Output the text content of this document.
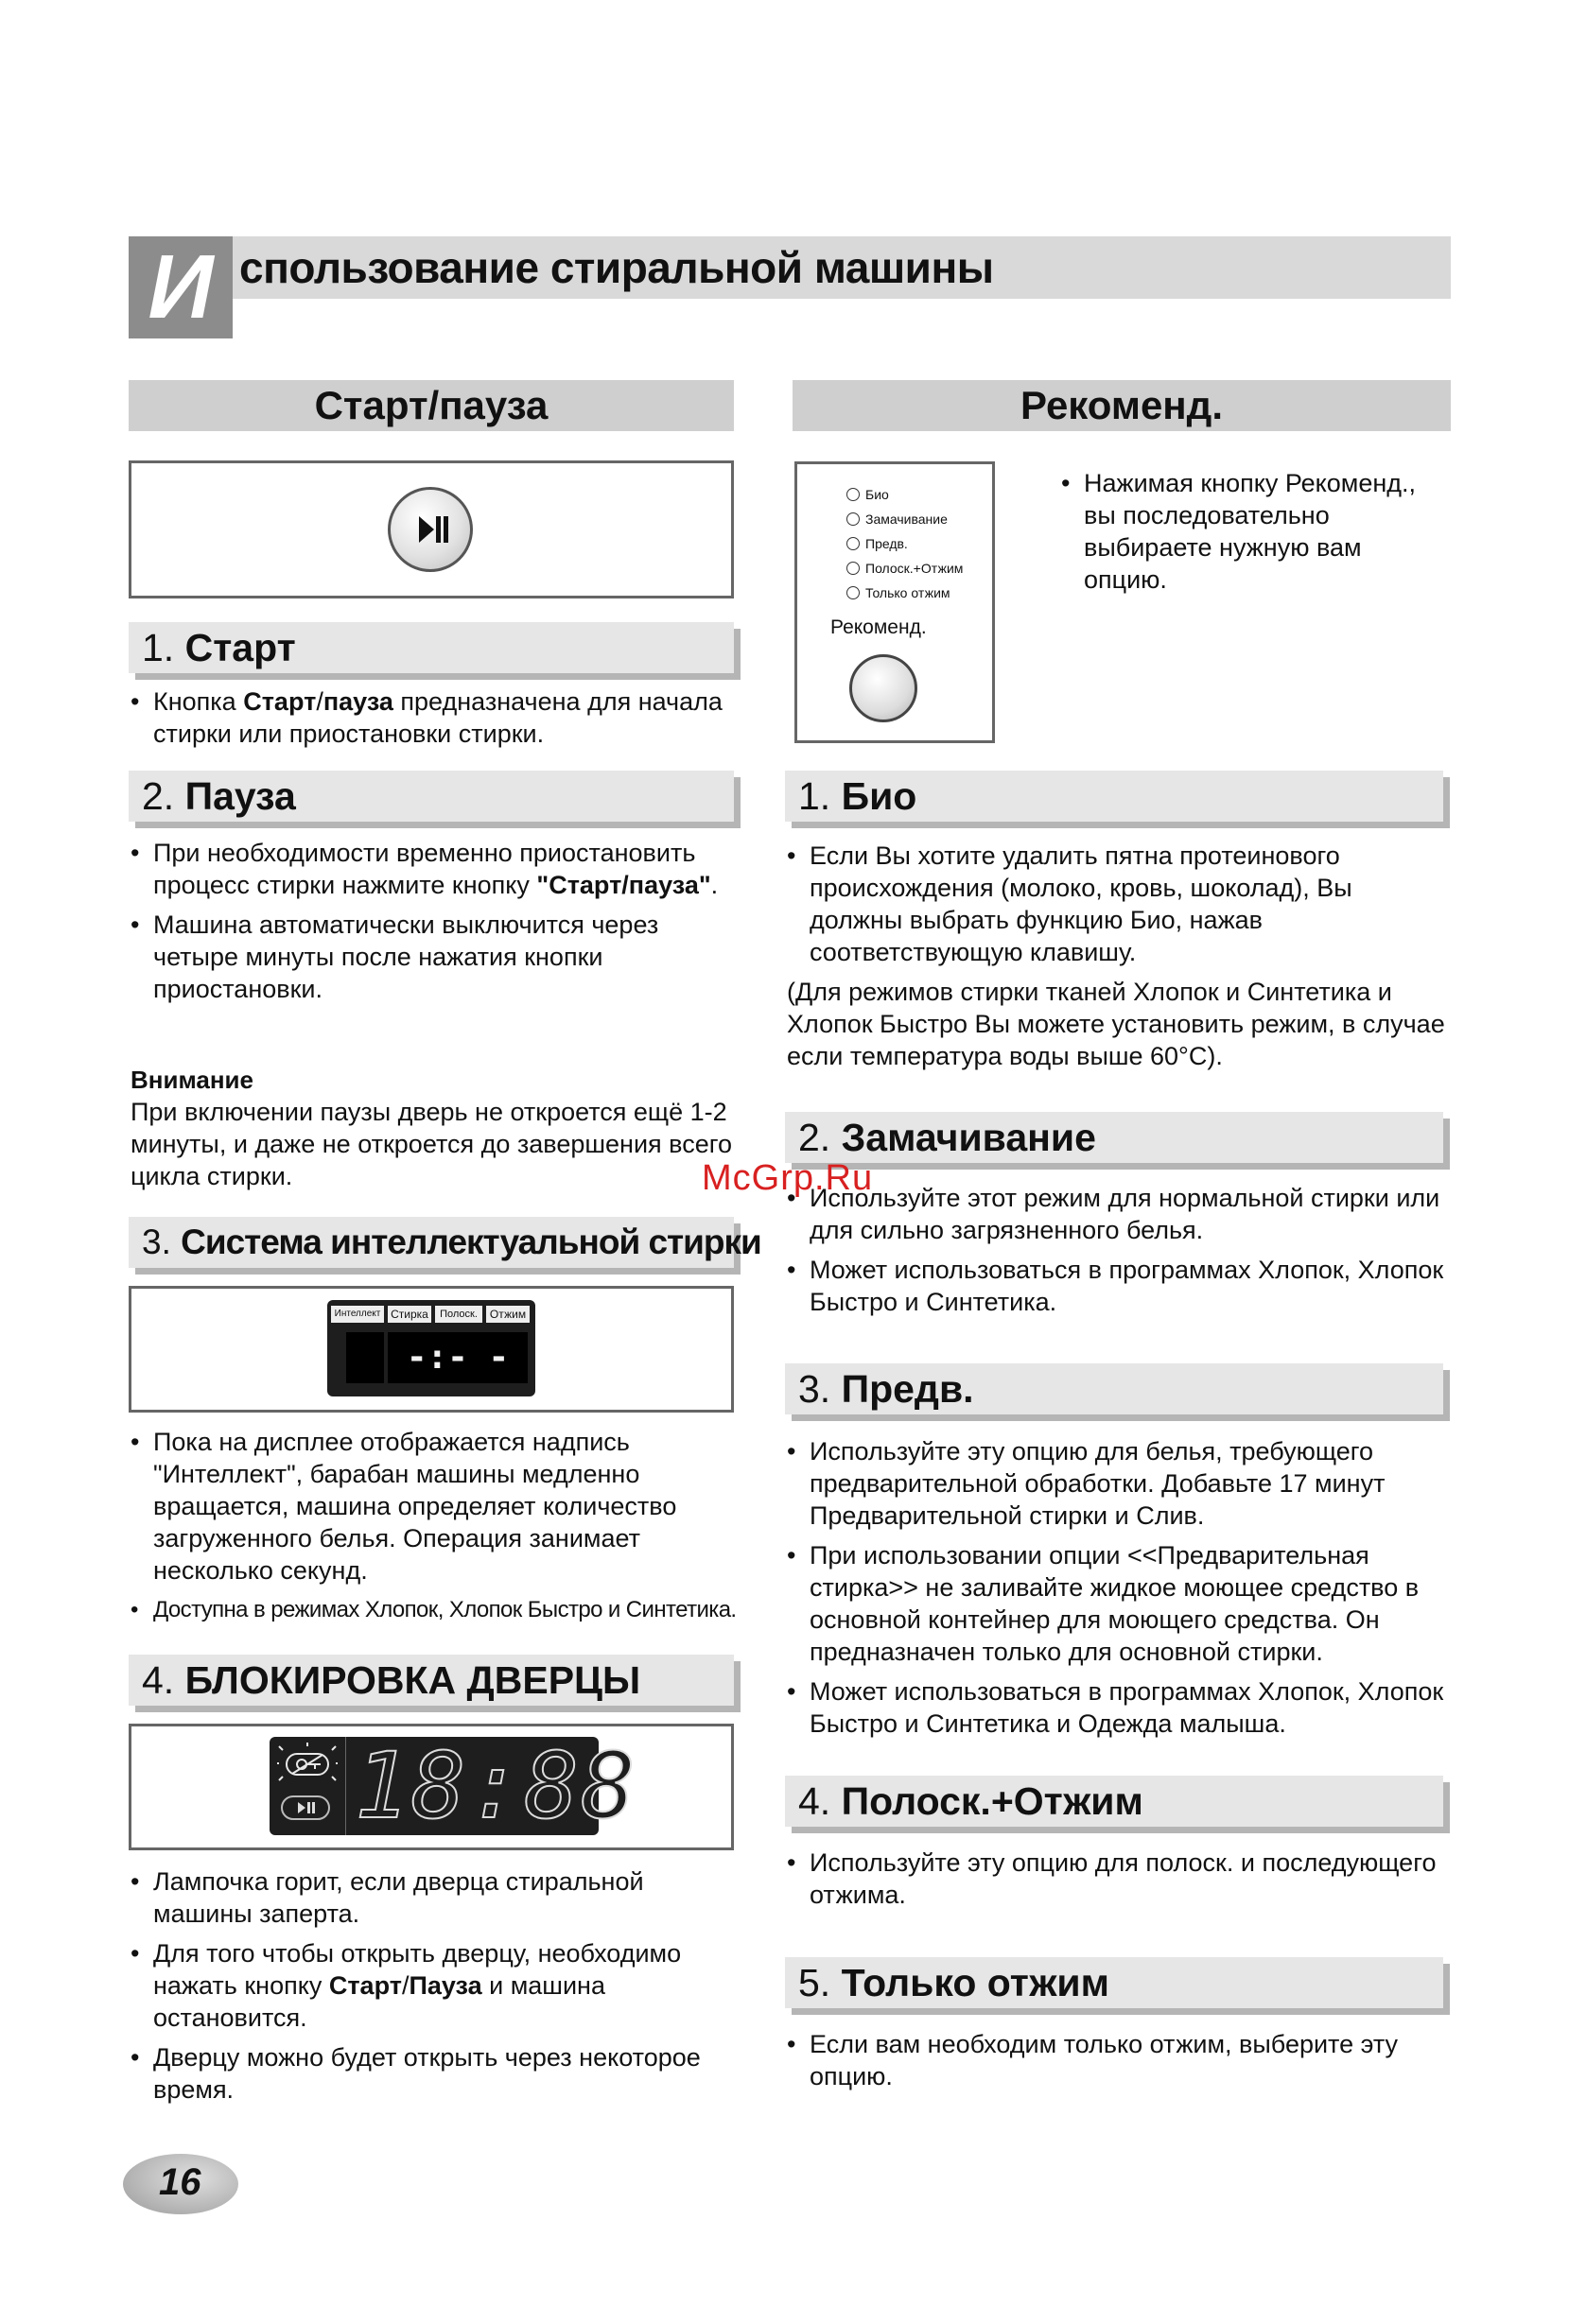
И спользование стиральной машины
Старт/пауза
1. Старт
• Кнопка Старт/пауза предназначена для начала стирки или приостановки стирки.
2. Пауза
• При необходимости временно приостановить процесс стирки нажмите кнопку "Старт/пауза".
• Машина автоматически выключится через четыре минуты после нажатия кнопки приостановки.
Внимание
При включении паузы дверь не откроется ещё 1-2 минуты, и даже не откроется до завершения всего цикла стирки.
3. Система интеллектуальной стирки
Интеллект Стирка	Полоск.	Отжим
-:- -
• Пока на дисплее отображается надпись "Интеллект", барабан машины медленно вращается, машина определяет количество загруженного белья. Операция занимает несколько секунд.
• Доступна в режимах Хлопок, Хлопок Быстро и Синтетика.
4. БЛОКИРОВКА ДВЕРЦЫ
18:88
• Лампочка горит, если дверца стиральной машины заперта.
• Для того чтобы открыть дверцу, необходимо нажать кнопку Старт/Пауза и машина остановится.
• Дверцу можно будет открыть через некоторое время.
Рекоменд.
Био
Замачивание
Предв.
Полоск.+Отжим
Только отжим
Рекоменд.
• Нажимая кнопку Рекоменд., вы последовательно выбираете нужную вам опцию.
1. Био
• Если Вы хотите удалить пятна протеинового происхождения (молоко, кровь, шоколад), Вы должны выбрать функцию Био, нажав соответствующую клавишу.
(Для режимов стирки тканей Хлопок и Синтетика и Хлопок Быстро Вы можете установить режим, в случае если температура воды выше 60°C).
2. Замачивание
• Используйте этот режим для нормальной стирки или для сильно загрязненного белья.
• Может использоваться в программах Хлопок, Хлопок Быстро и Синтетика.
3. Предв.
• Используйте эту опцию для белья, требующего предварительной обработки. Добавьте 17 минут Предварительной стирки и Слив.
• При использовании опции <<Предварительная стирка>> не заливайте жидкое моющее средство в основной контейнер для моющего средства. Он предназначен только для основной стирки.
• Может использоваться в программах Хлопок, Хлопок Быстро и Синтетика и Одежда малыша.
4. Полоск.+Отжим
• Используйте эту опцию для полоск. и последующего отжима.
5. Только отжим
• Если вам необходим только отжим, выберите эту опцию.
McGrp.Ru
16
